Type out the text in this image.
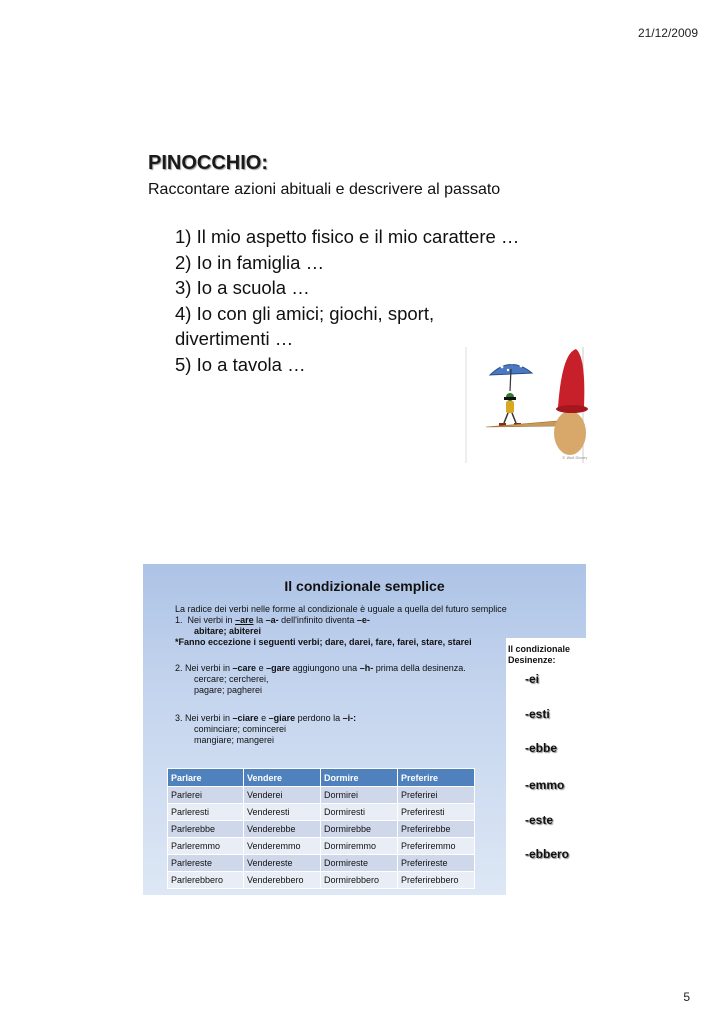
21/12/2009
PINOCCHIO:
Raccontare azioni abituali e descrivere al passato
1) Il mio aspetto fisico e il mio carattere …
2) Io in famiglia …
3) Io a scuola …
4) Io con gli amici; giochi, sport,
divertimenti …
5) Io a tavola …
© Walt Disney
Il condizionale semplice
La radice dei verbi nelle forme al condizionale è uguale a quella del futuro semplice
1. Nei verbi in –are la –a- dell'infinito diventa –e-
abitare; abiterei
*Fanno eccezione i seguenti verbi; dare, darei, fare, farei, stare, starei
2. Nei verbi in –care e –gare aggiungono una –h- prima della desinenza.
cercare; cercherei,
pagare; pagherei
3. Nei verbi in –ciare e –giare perdono la –i-:
cominciare; comincerei
mangiare; mangerei
Il condizionale
Desinenze:
-ei
-esti
-ebbe
-emmo
-este
-ebbero
Parlare	Vendere	Dormire	Preferire
Parlerei	Venderei	Dormirei	Preferirei
Parleresti	Venderesti	Dormiresti	Preferiresti
Parlerebbe	Venderebbe	Dormirebbe	Preferirebbe
Parleremmo	Venderemmo	Dormiremmo	Preferiremmo
Parlereste	Vendereste	Dormireste	Preferireste
Parlerebbero	Venderebbero	Dormirebbero	Preferirebbero
5
